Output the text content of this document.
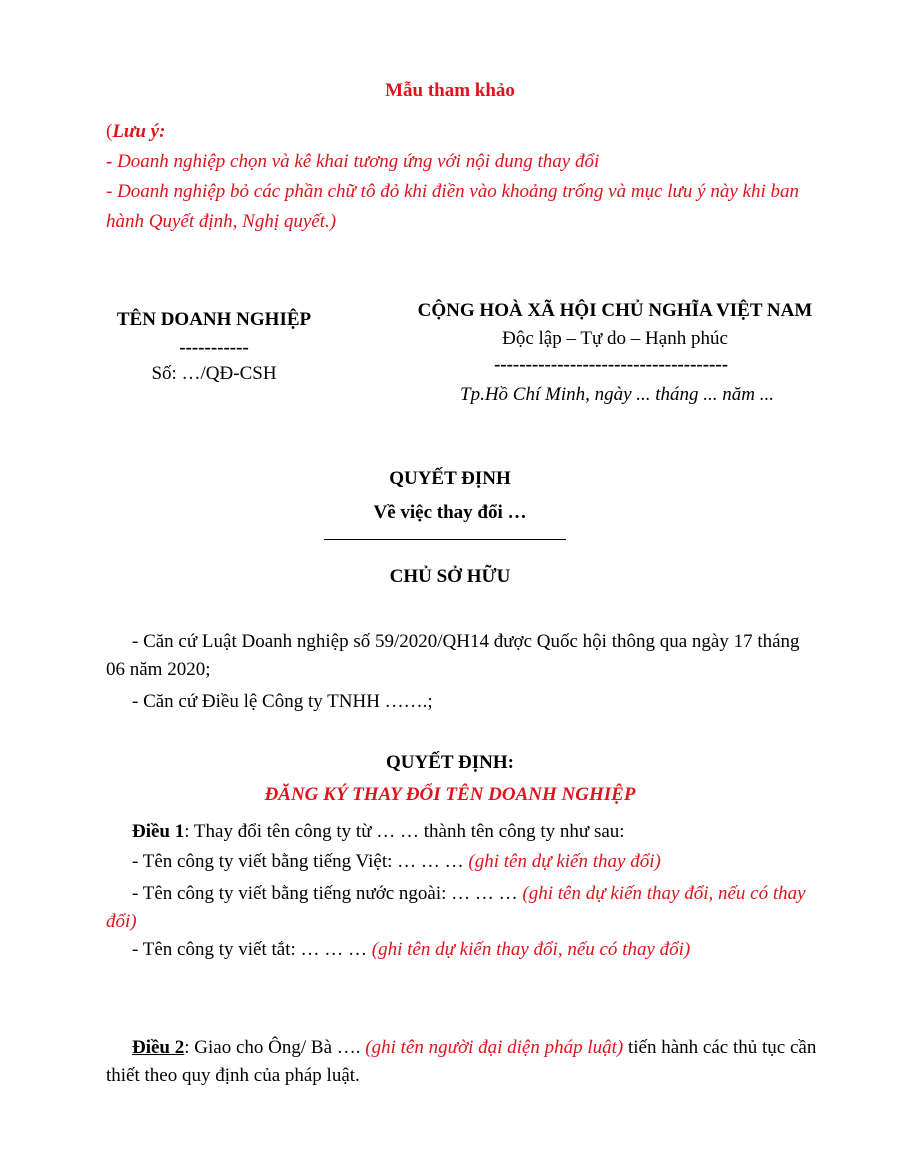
Mẫu tham khảo
(Lưu ý:
- Doanh nghiệp chọn và kê khai tương ứng với nội dung thay đổi
- Doanh nghiệp bỏ các phần chữ tô đỏ khi điền vào khoảng trống và mục lưu ý này khi ban hành Quyết định, Nghị quyết.)
TÊN DOANH NGHIỆP
-----------
Số: …/QĐ-CSH
CỘNG HOÀ XÃ HỘI CHỦ NGHĨA VIỆT NAM
Độc lập – Tự do – Hạnh phúc
-------------------------------------
Tp.Hồ Chí Minh, ngày ... tháng ... năm ...
QUYẾT ĐỊNH
Về việc thay đổi …
CHỦ SỞ HỮU
- Căn cứ Luật Doanh nghiệp số 59/2020/QH14 được Quốc hội thông qua ngày 17 tháng 06 năm 2020;
- Căn cứ Điều lệ Công ty TNHH …….;
QUYẾT ĐỊNH:
ĐĂNG KÝ THAY ĐỔI TÊN DOANH NGHIỆP
Điều 1: Thay đổi tên công ty từ … … thành tên công ty như sau:
- Tên công ty viết bằng tiếng Việt: … … … (ghi tên dự kiến thay đổi)
- Tên công ty viết bằng tiếng nước ngoài: … … … (ghi tên dự kiến thay đổi, nếu có thay đổi)
- Tên công ty viết tắt: … … … (ghi tên dự kiến thay đổi, nếu có thay đổi)
Điều 2: Giao cho Ông/ Bà …. (ghi tên người đại diện pháp luật) tiến hành các thủ tục cần thiết theo quy định của pháp luật.
